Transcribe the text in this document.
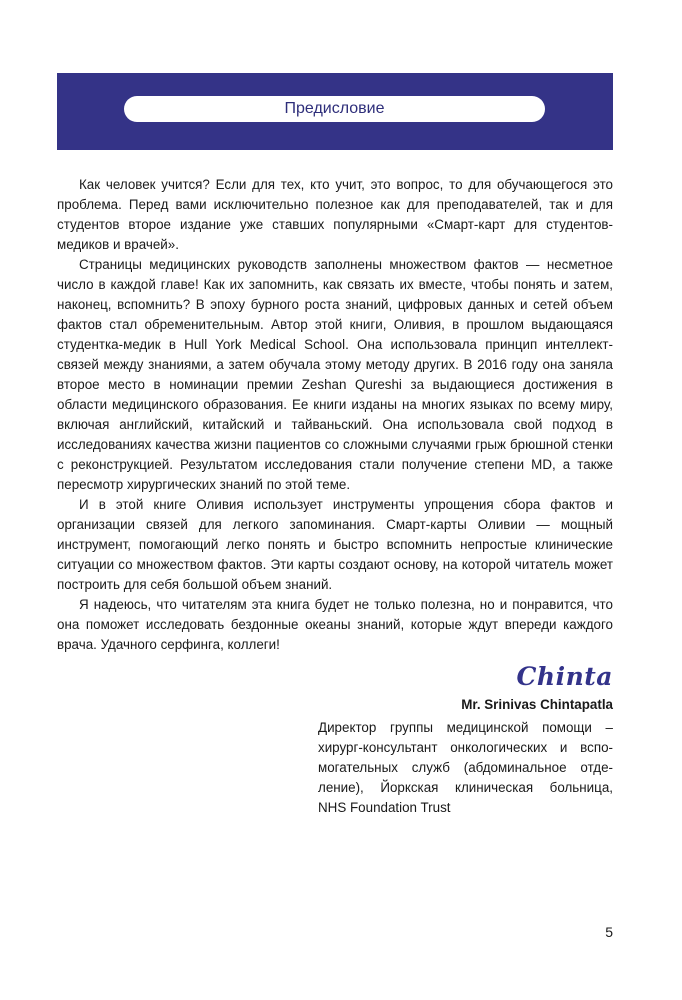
Предисловие

Как человек учится? Если для тех, кто учит, это вопрос, то для обучающегося это проблема. Перед вами исключительно полезное как для преподавателей, так и для студентов второе издание уже ставших популярными «Смарт-карт для студентов-медиков и врачей».

Страницы медицинских руководств заполнены множеством фактов — несметное число в каждой главе! Как их запомнить, как связать их вместе, чтобы понять и затем, наконец, вспомнить? В эпоху бурного роста знаний, цифровых данных и сетей объем фактов стал обременительным. Автор этой книги, Оливия, в прошлом выдающаяся студентка-медик в Hull York Medical School. Она использовала принцип интеллект-связей между знаниями, а затем обучала этому методу других. В 2016 году она заняла второе место в номинации премии Zeshan Qureshi за выдающиеся достижения в области медицинского образования. Ее книги изданы на многих языках по всему миру, включая английский, китайский и тайваньский. Она использовала свой подход в исследованиях качества жизни пациентов со сложными случаями грыж брюшной стенки с реконструкцией. Результатом исследования стали получение степени MD, а также пересмотр хирургических знаний по этой теме.

И в этой книге Оливия использует инструменты упрощения сбора фактов и организации связей для легкого запоминания. Смарт-карты Оливии — мощный инструмент, помогающий легко понять и быстро вспомнить непростые клинические ситуации со множеством фактов. Эти карты создают основу, на которой читатель может построить для себя большой объем знаний.

Я надеюсь, что читателям эта книга будет не только полезна, но и понравится, что она поможет исследовать бездонные океаны знаний, которые ждут впереди каждого врача. Удачного серфинга, коллеги!

Chinta
Mr. Srinivas Chintapatla
Директор группы медицинской помощи –
хирург-консультант онкологических и вспо-
могательных служб (абдоминальное отде-
ление), Йоркская клиническая больница,
NHS Foundation Trust
5
